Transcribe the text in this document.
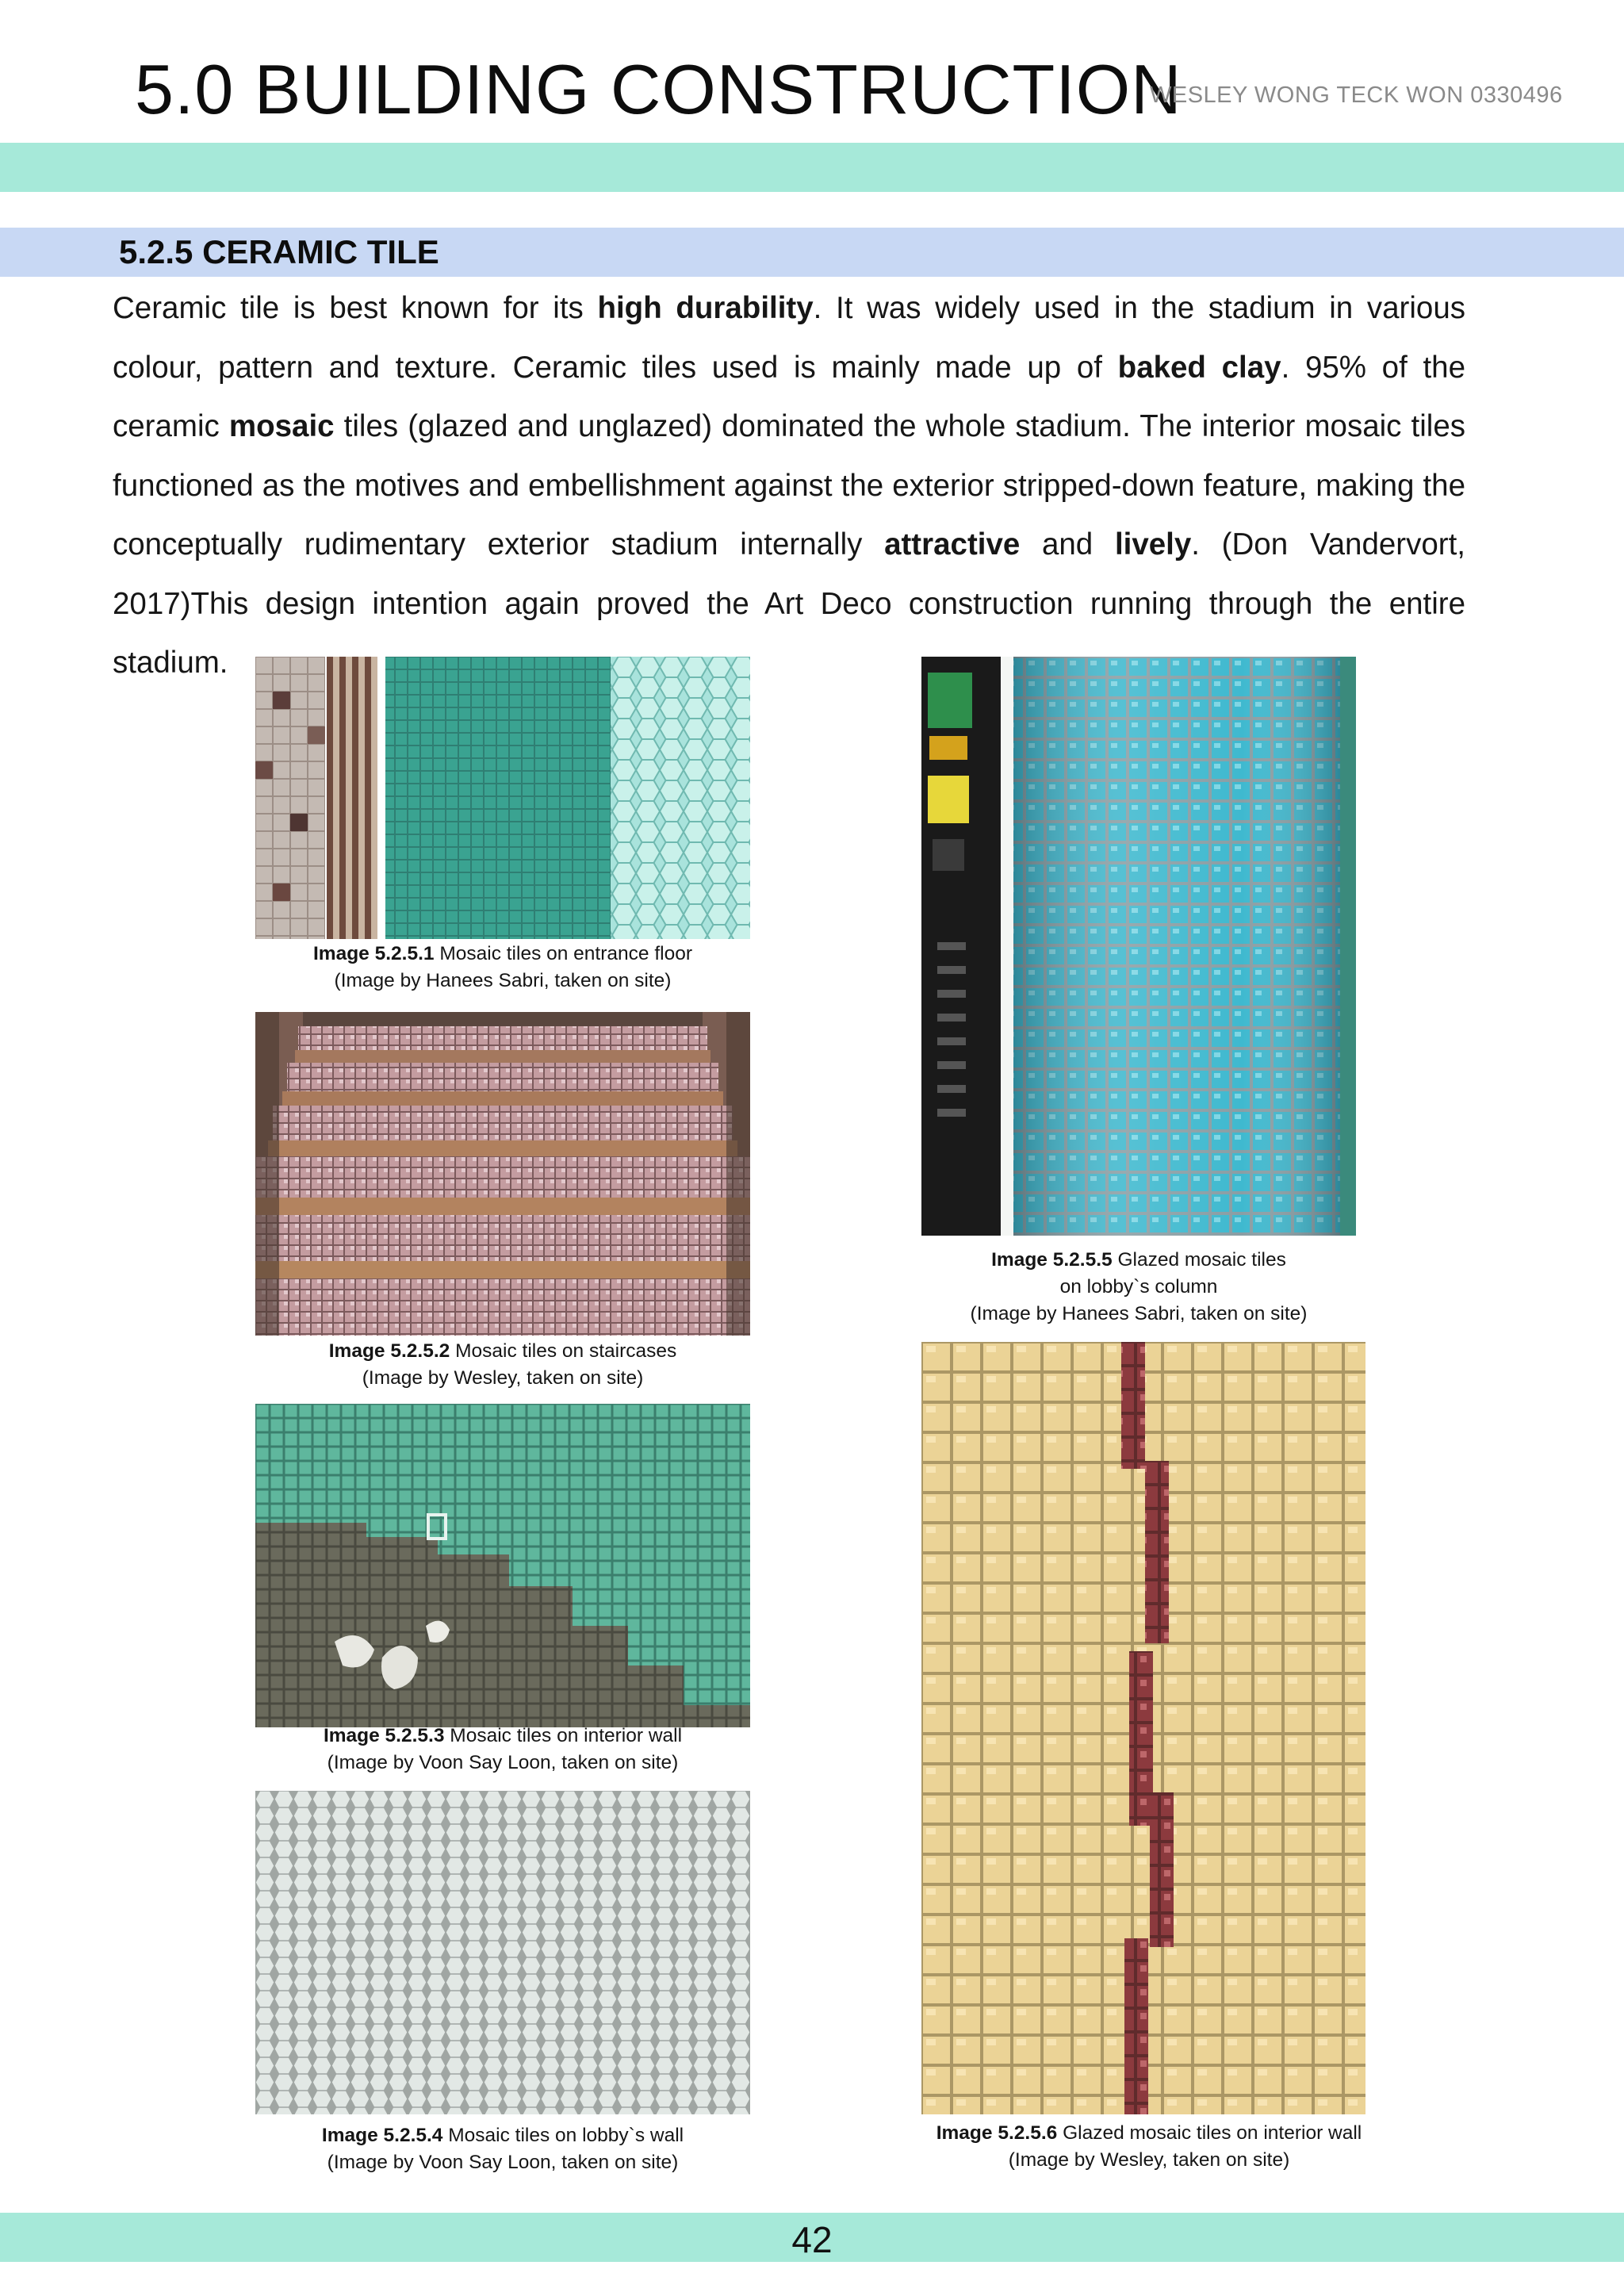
5.0 BUILDING CONSTRUCTION
WESLEY WONG TECK WON 0330496
5.2.5 CERAMIC TILE
Ceramic tile is best known for its high durability. It was widely used in the stadium in various colour, pattern and texture. Ceramic tiles used is mainly made up of baked clay. 95% of the ceramic mosaic tiles (glazed and unglazed) dominated the whole stadium. The interior mosaic tiles functioned as the motives and embellishment against the exterior stripped-down feature, making the conceptually rudimentary exterior stadium internally attractive and lively. (Don Vandervort, 2017)This design intention again proved the Art Deco construction running through the entire stadium.
Image 5.2.5.1 Mosaic tiles on entrance floor
(Image by Hanees Sabri, taken on site)
Image 5.2.5.2 Mosaic tiles on staircases
(Image by Wesley, taken on site)
Image 5.2.5.3 Mosaic tiles on interior wall
(Image by Voon Say Loon, taken on site)
Image 5.2.5.4 Mosaic tiles on lobby`s wall
(Image by Voon Say Loon, taken on site)
Image 5.2.5.5 Glazed mosaic tiles
on lobby`s column
(Image by Hanees Sabri, taken on site)
Image 5.2.5.6 Glazed mosaic tiles on interior wall
(Image by Wesley, taken on site)
42
